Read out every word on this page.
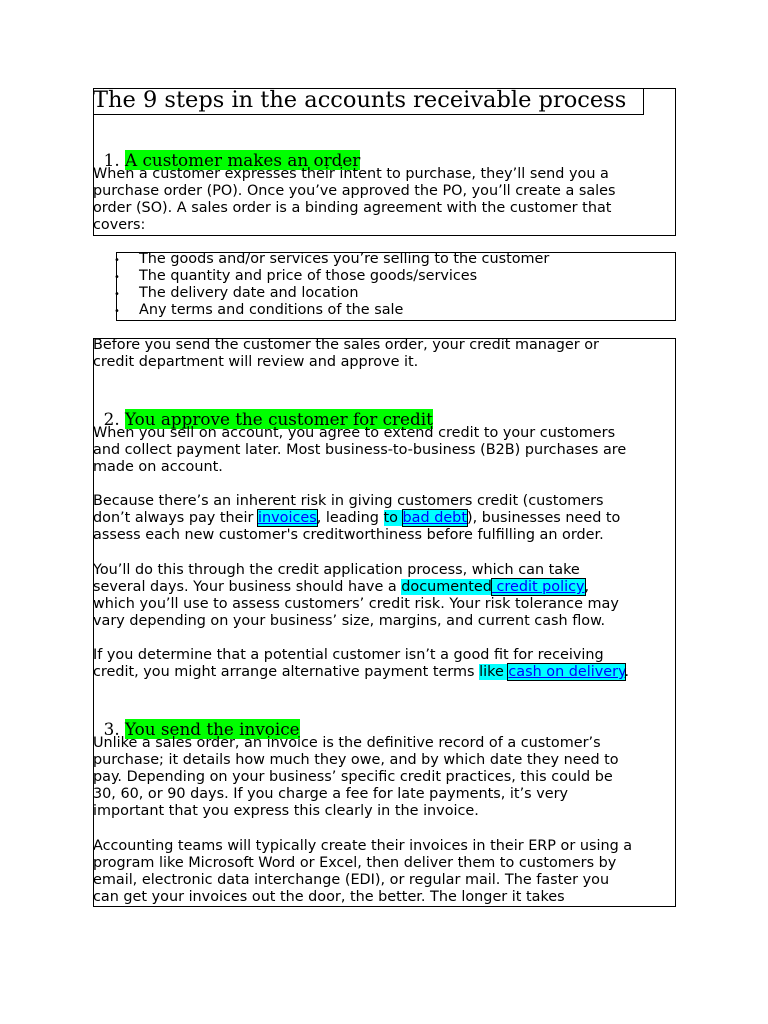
The 9 steps in the accounts receivable process

1. A customer makes an order

When a customer expresses their intent to purchase, they’ll send you a
purchase order (PO). Once you’ve approved the PO, you’ll create a sales
order (SO). A sales order is a binding agreement with the customer that
covers:
• The goods and/or services you’re selling to the customer
• The quantity and price of those goods/services
• The delivery date and location
• Any terms and conditions of the sale
Before you send the customer the sales order, your credit manager or
credit department will review and approve it.

2. You approve the customer for credit

When you sell on account, you agree to extend credit to your customers
and collect payment later. Most business-to-business (B2B) purchases are
made on account.
Because there’s an inherent risk in giving customers credit (customers
don’t always pay their invoices, leading to bad debt), businesses need to
assess each new customer's creditworthiness before fulfilling an order.
You’ll do this through the credit application process, which can take
several days. Your business should have a documented credit policy,
which you’ll use to assess customers’ credit risk. Your risk tolerance may
vary depending on your business’ size, margins, and current cash flow.
If you determine that a potential customer isn’t a good fit for receiving
credit, you might arrange alternative payment terms like cash on delivery.

3. You send the invoice

Unlike a sales order, an invoice is the definitive record of a customer’s
purchase; it details how much they owe, and by which date they need to
pay. Depending on your business’ specific credit practices, this could be
30, 60, or 90 days. If you charge a fee for late payments, it’s very
important that you express this clearly in the invoice.
Accounting teams will typically create their invoices in their ERP or using a
program like Microsoft Word or Excel, then deliver them to customers by
email, electronic data interchange (EDI), or regular mail. The faster you
can get your invoices out the door, the better. The longer it takes
